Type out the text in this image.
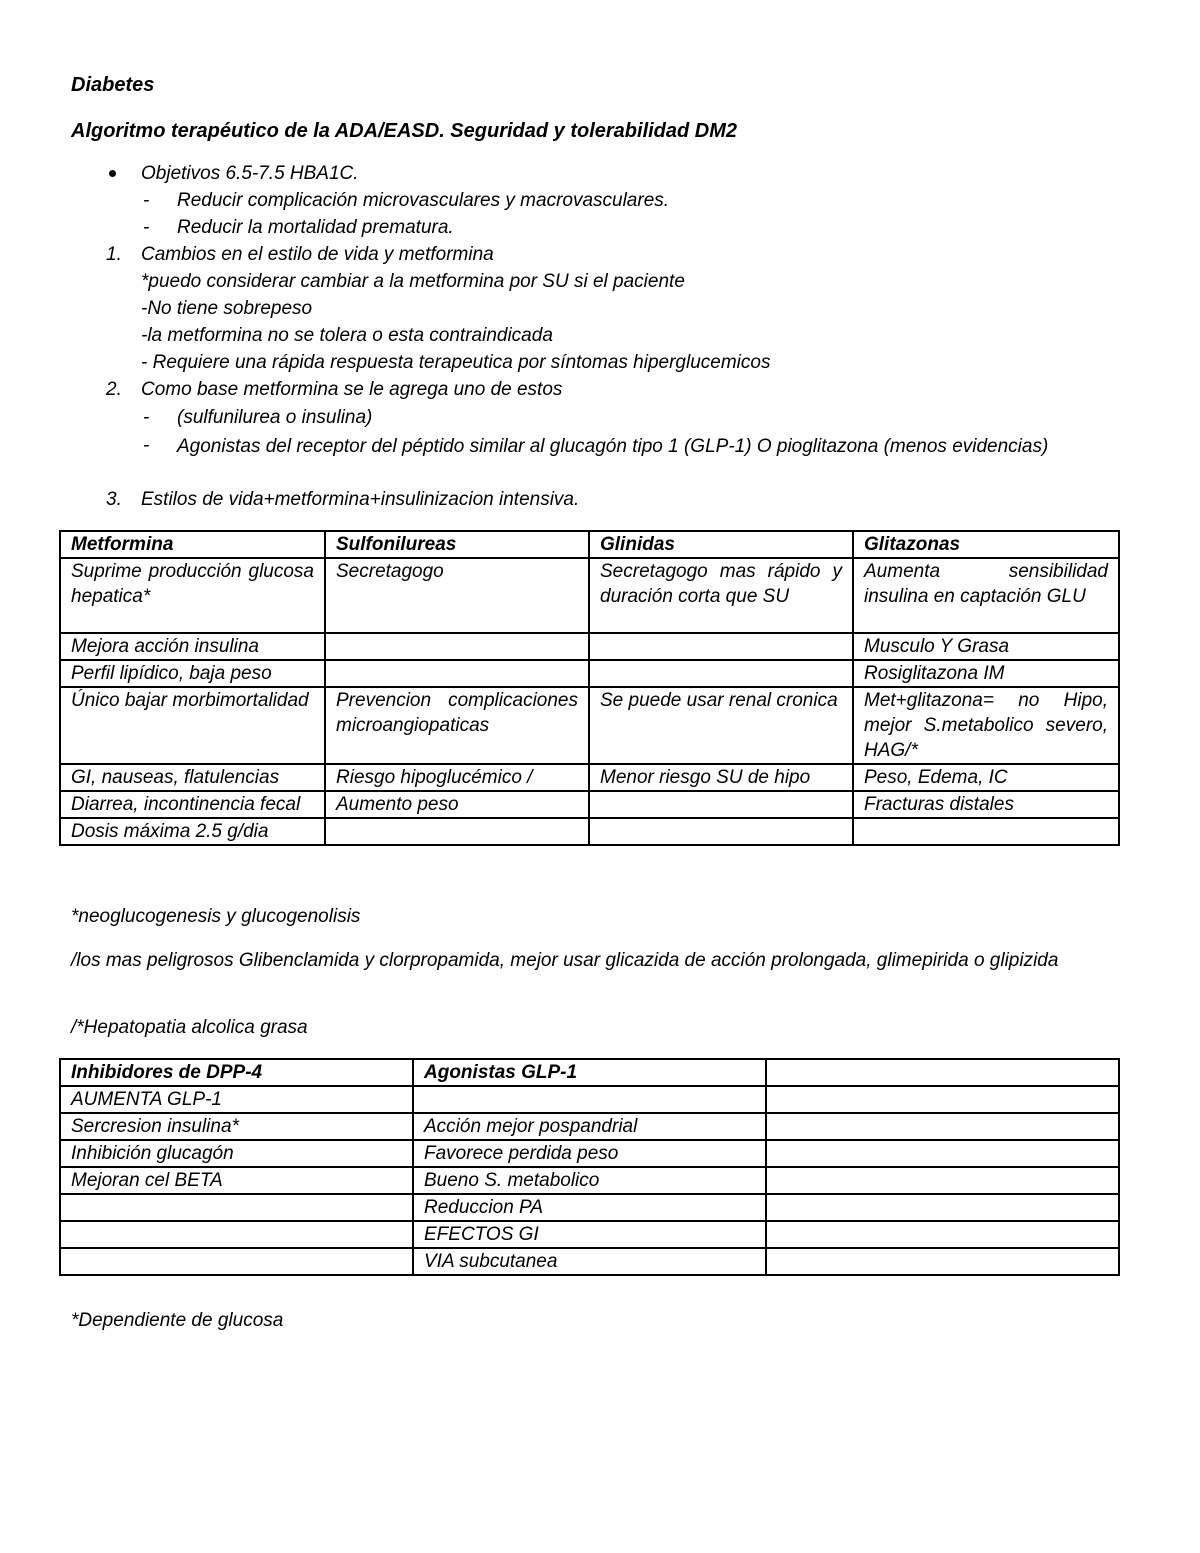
Diabetes
Algoritmo terapéutico de la ADA/EASD. Seguridad y tolerabilidad DM2
Objetivos 6.5-7.5 HBA1C.
- Reducir complicación microvasculares y macrovasculares.
- Reducir la mortalidad prematura.
1. Cambios en el estilo de vida y metformina
*puedo considerar cambiar a la metformina por SU si el paciente
-No tiene sobrepeso
-la metformina no se tolera o esta contraindicada
- Requiere una rápida respuesta terapeutica por síntomas hiperglucemicos
2. Como base metformina se le agrega uno de estos
- (sulfunilurea o insulina)
- Agonistas del receptor del péptido similar al glucagón tipo 1 (GLP-1) O pioglitazona (menos evidencias)
3. Estilos de vida+metformina+insulinizacion intensiva.
Metformina	Sulfonilureas	Glinidas	Glitazonas
Suprime producción glucosa hepatica*	Secretagogo	Secretagogo mas rápido y duración corta que SU	Aumenta sensibilidad insulina en captación GLU
Mejora acción insulina			Musculo Y Grasa
Perfil lipídico, baja peso			Rosiglitazona IM
Único bajar morbimortalidad	Prevencion complicaciones microangiopaticas	Se puede usar renal cronica	Met+glitazona= no Hipo, mejor S.metabolico severo, HAG/*
GI, nauseas, flatulencias	Riesgo hipoglucémico /	Menor riesgo SU de hipo	Peso, Edema, IC
Diarrea, incontinencia fecal	Aumento peso		Fracturas distales
Dosis máxima 2.5 g/dia			
*neoglucogenesis y glucogenolisis
/los mas peligrosos Glibenclamida y clorpropamida, mejor usar glicazida de acción prolongada, glimepirida o glipizida
/*Hepatopatia alcolica grasa
Inhibidores de DPP-4	Agonistas GLP-1	
AUMENTA GLP-1		
Sercresion insulina*	Acción mejor pospandrial	
Inhibición glucagón	Favorece perdida peso	
Mejoran cel BETA	Bueno S. metabolico	
	Reduccion PA	
	EFECTOS GI	
	VIA subcutanea	
*Dependiente de glucosa
